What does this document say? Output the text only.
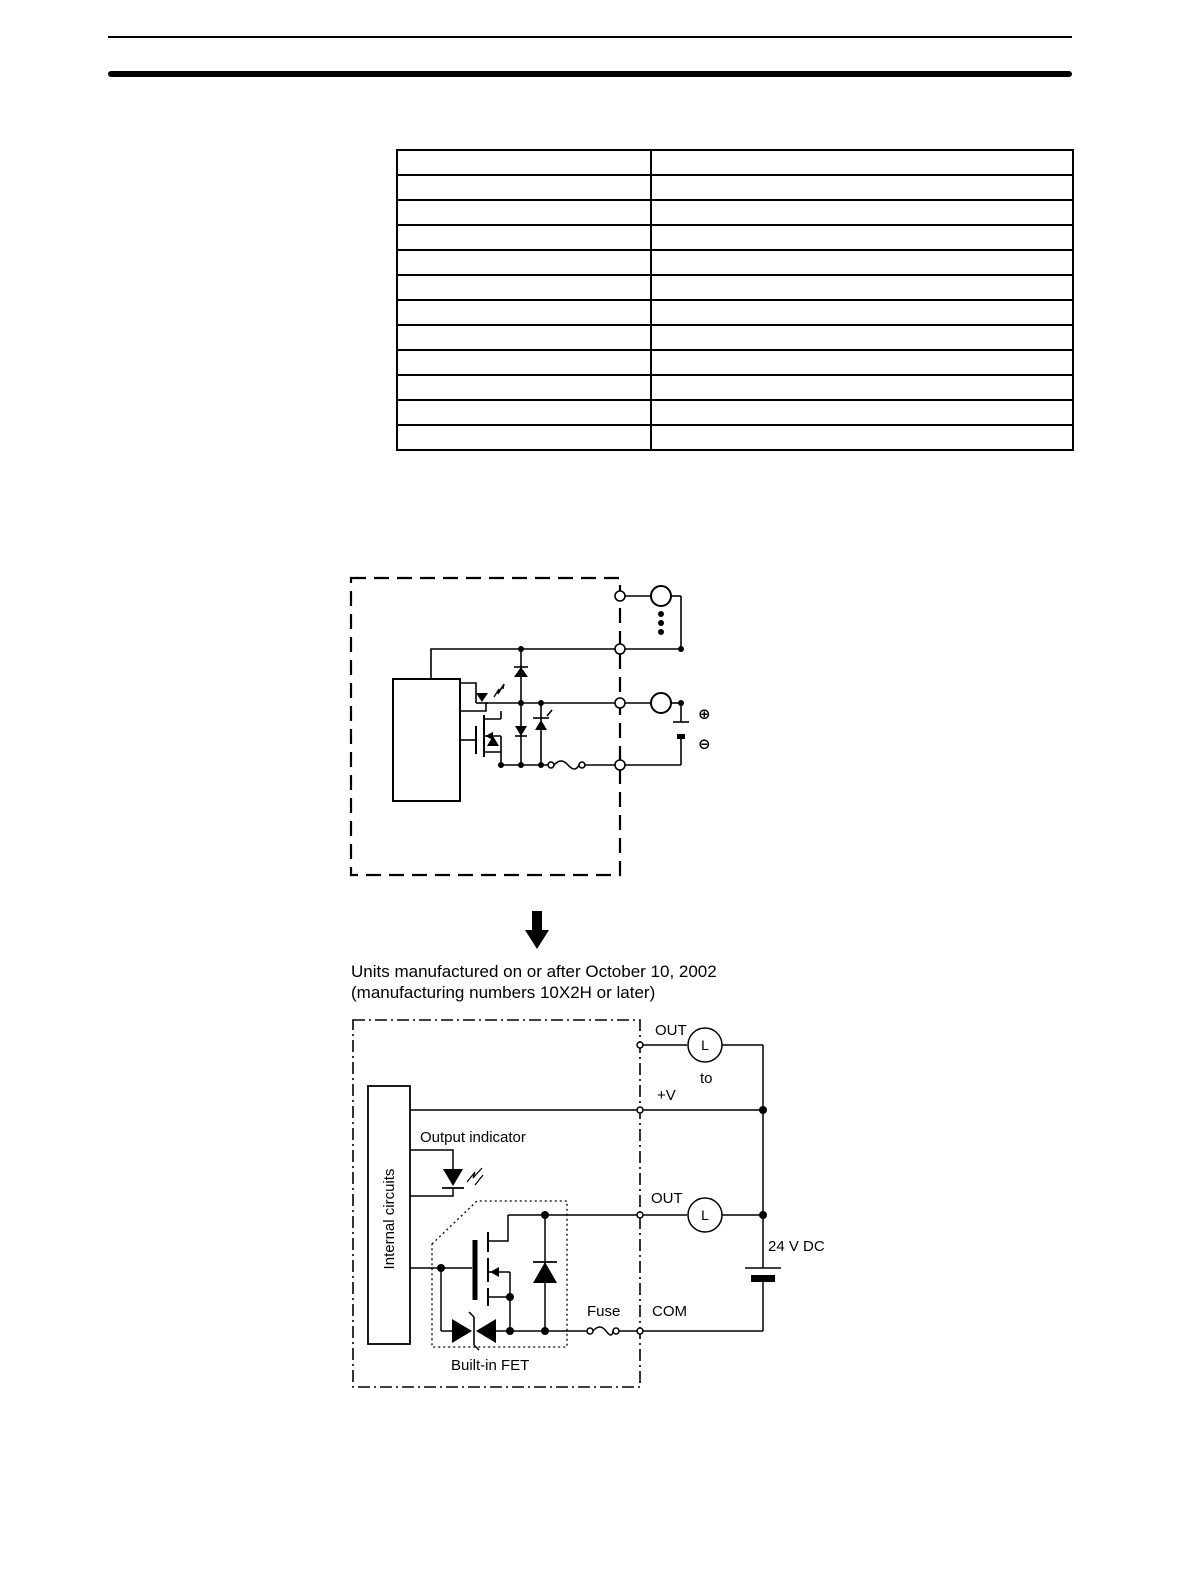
⊕
⊖
Units manufactured on or after October 10, 2002
(manufacturing numbers 10X2H or later)
OUT
L
to
+V
Output indicator
Internal circuits	OUT
L
24 V DC
Fuse COM
Built-in FET
